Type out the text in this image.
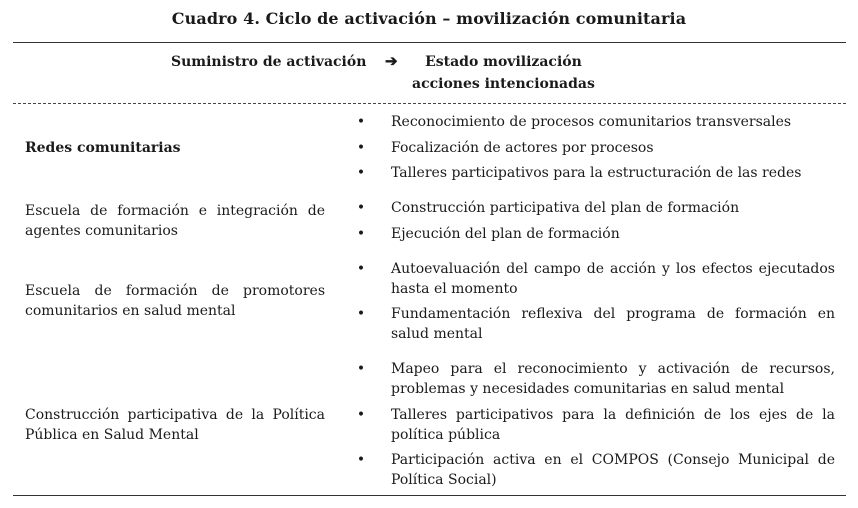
Cuadro 4. Ciclo de activación – movilización comunitaria
Suministro de activación ➔	Estado movilización
acciones intencionadas
Redes comunitarias
• Reconocimiento de procesos comunitarios transversales
• Focalización de actores por procesos
• Talleres participativos para la estructuración de las redes
Escuela de formación e integración de agentes comunitarios
• Construcción participativa del plan de formación
• Ejecución del plan de formación
Escuela de formación de promotores comunitarios en salud mental
• Autoevaluación del campo de acción y los efectos ejecutados hasta el momento
• Fundamentación reflexiva del programa de formación en salud mental
Construcción participativa de la Política Pública en Salud Mental
• Mapeo para el reconocimiento y activación de recursos, problemas y necesidades comunitarias en salud mental
• Talleres participativos para la definición de los ejes de la política pública
• Participación activa en el COMPOS (Consejo Municipal de Política Social)
